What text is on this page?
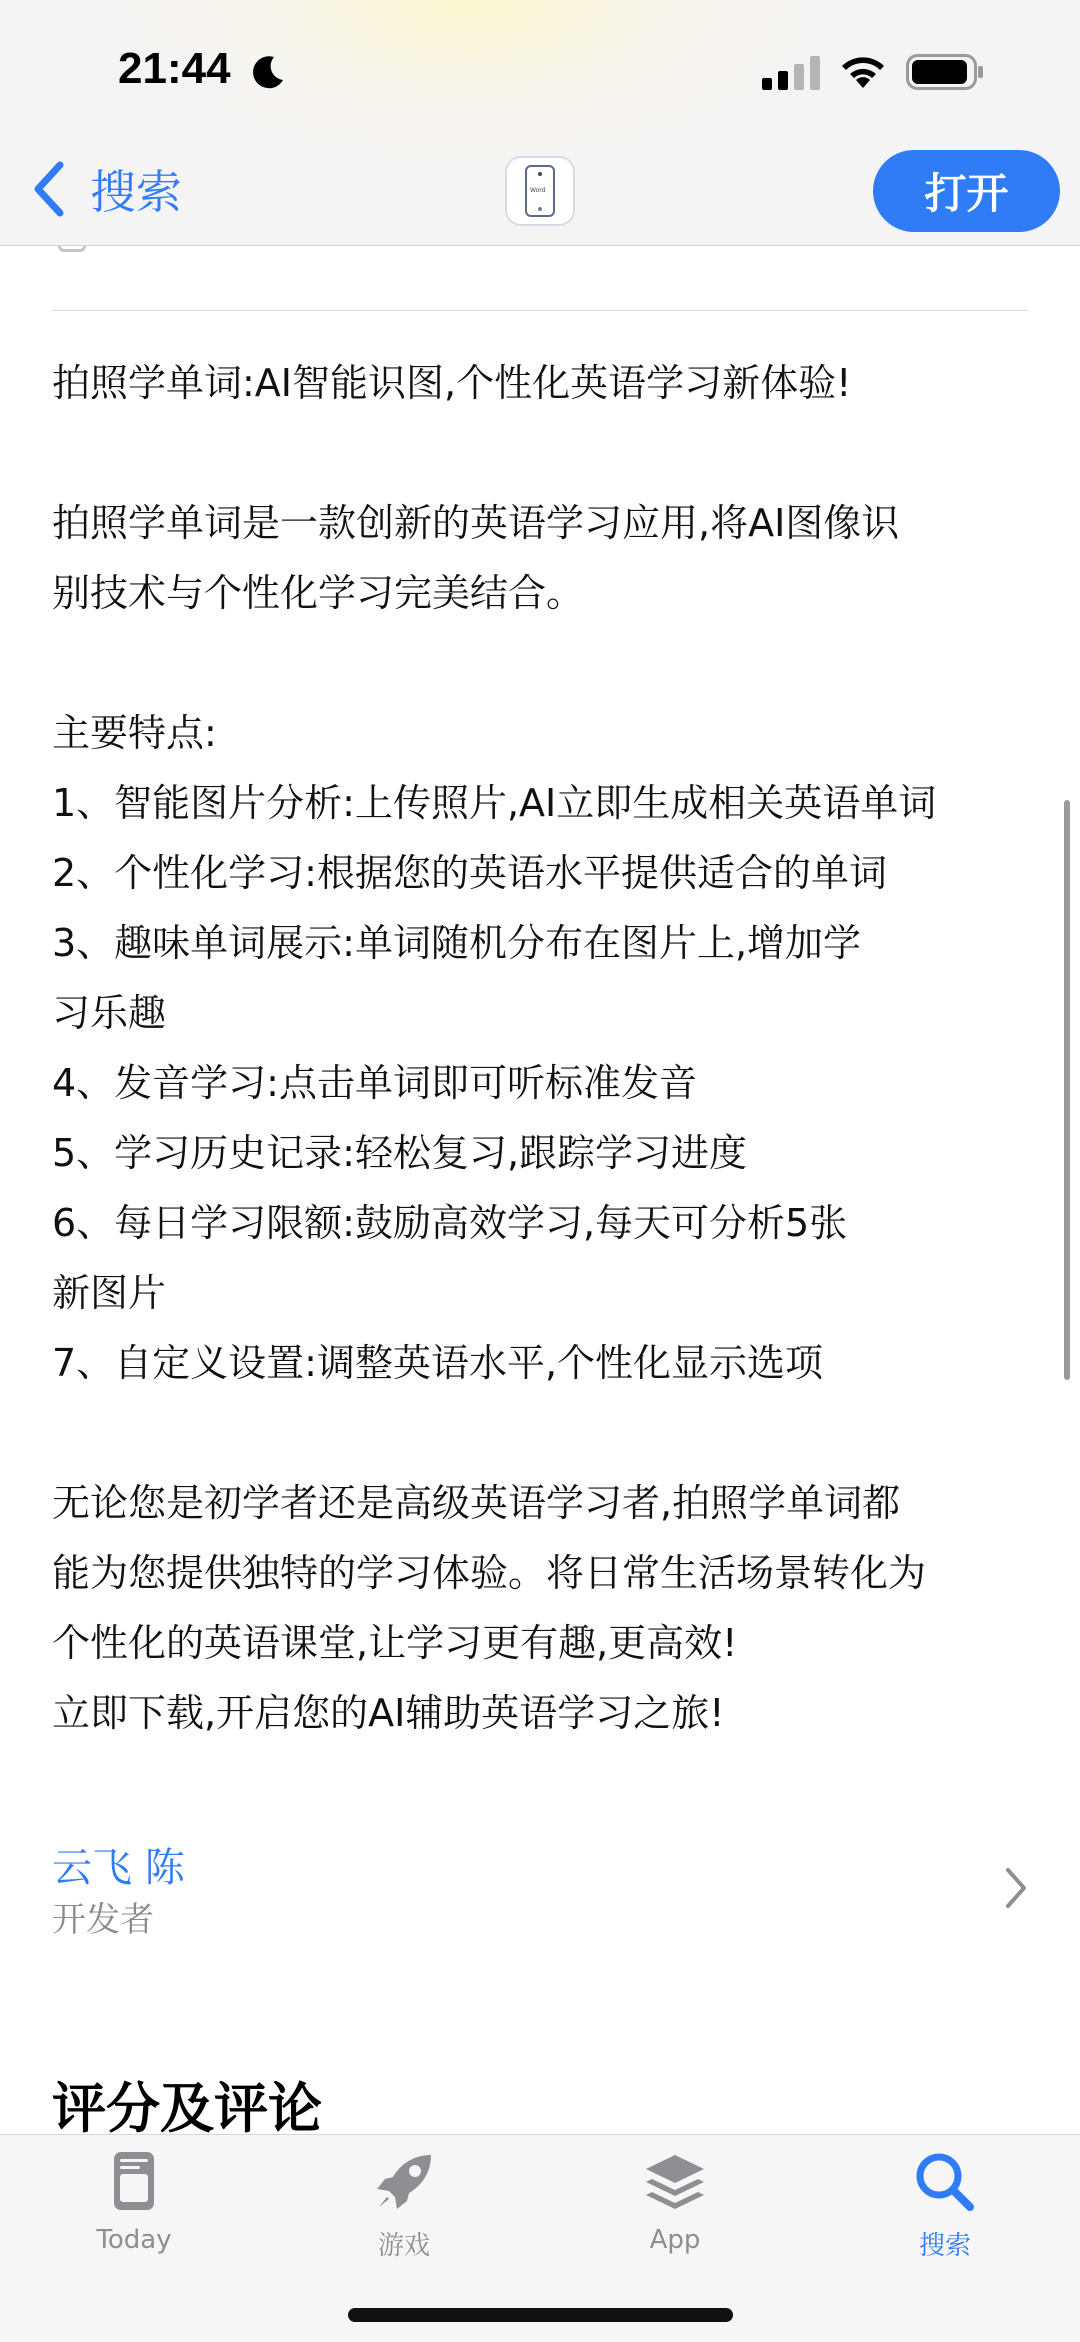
21:44
搜索	Word	打开
拍照学单词:AI智能识图,个性化英语学习新体验!
拍照学单词是一款创新的英语学习应用,将AI图像识
别技术与个性化学习完美结合。
主要特点:
1、智能图片分析:上传照片,AI立即生成相关英语单词
2、个性化学习:根据您的英语水平提供适合的单词
3、趣味单词展示:单词随机分布在图片上,增加学
习乐趣
4、发音学习:点击单词即可听标准发音
5、学习历史记录:轻松复习,跟踪学习进度
6、每日学习限额:鼓励高效学习,每天可分析5张
新图片
7、自定义设置:调整英语水平,个性化显示选项
无论您是初学者还是高级英语学习者,拍照学单词都
能为您提供独特的学习体验。将日常生活场景转化为
个性化的英语课堂,让学习更有趣,更高效!
立即下载,开启您的AI辅助英语学习之旅!
云飞 陈
开发者
评分及评论
Today	游戏	App	搜索
